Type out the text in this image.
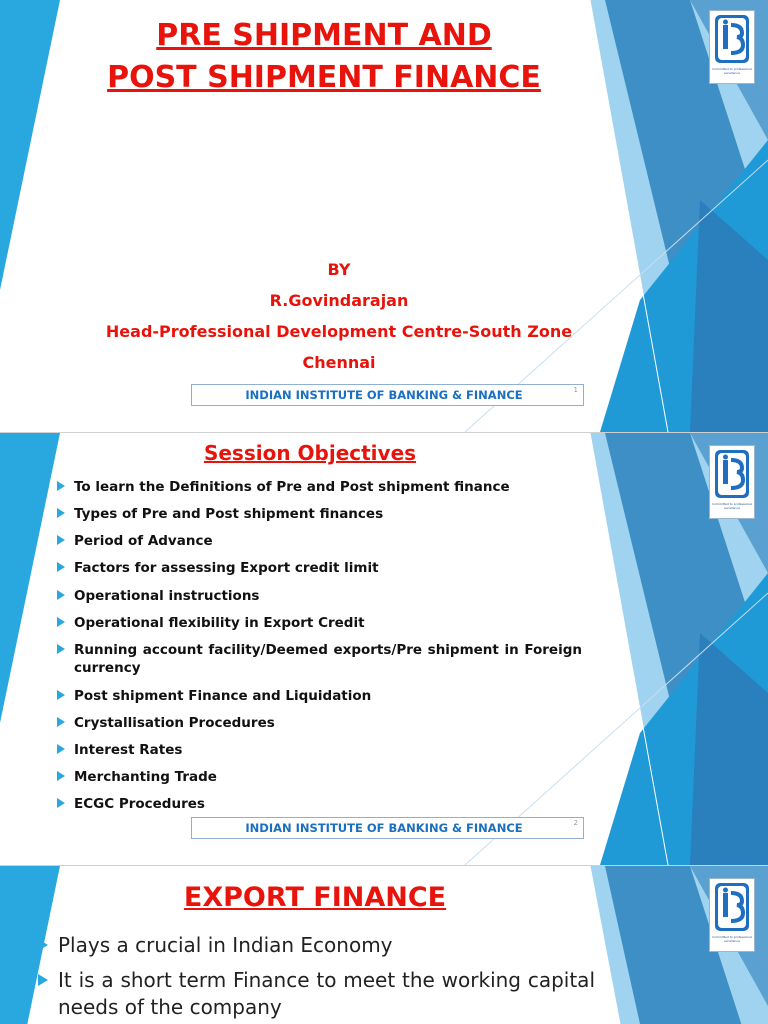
Committed to professional excellence
PRE SHIPMENT AND
POST SHIPMENT FINANCE
BY
R.Govindarajan
Head-Professional Development Centre-South Zone
Chennai
INDIAN INSTITUTE OF BANKING & FINANCE	1
Committed to professional excellence
Session Objectives
To learn the Definitions of Pre and Post shipment finance
Types of Pre and Post shipment finances
Period of Advance
Factors for assessing Export credit limit
Operational instructions
Operational flexibility in Export Credit
Running account facility/Deemed exports/Pre shipment in Foreign currency
Post shipment Finance and Liquidation
Crystallisation Procedures
Interest Rates
Merchanting Trade
ECGC Procedures
INDIAN INSTITUTE OF BANKING & FINANCE	2
Committed to professional excellence
EXPORT FINANCE
Plays a crucial in Indian Economy
It is a short term Finance to meet the working capital needs of the company
